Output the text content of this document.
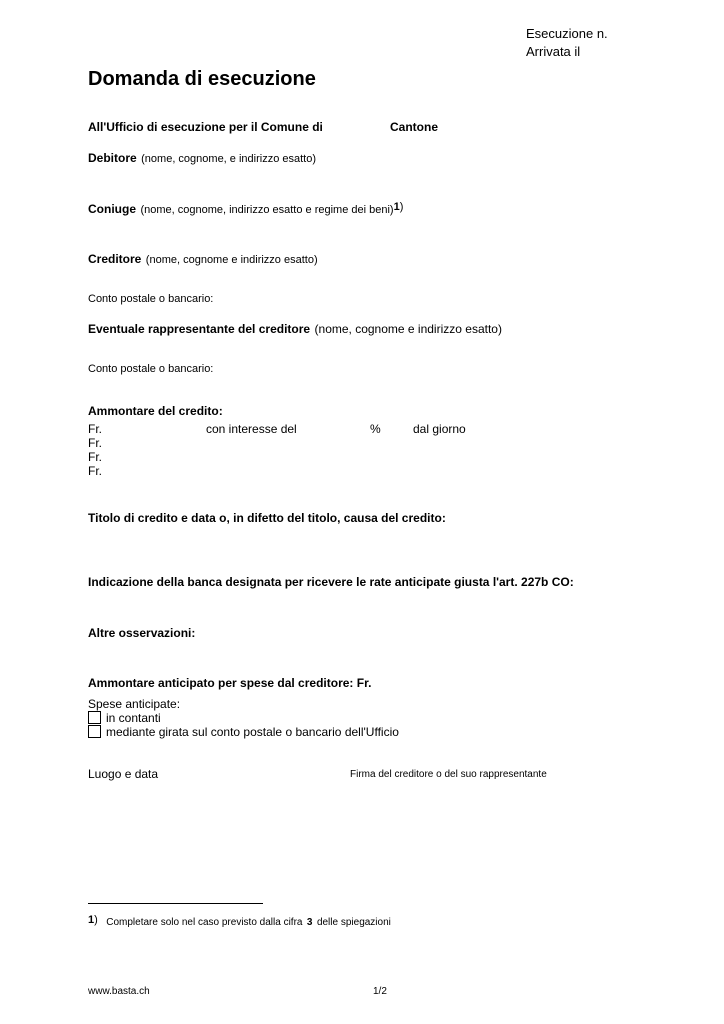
Esecuzione n.
Arrivata il
Domanda di esecuzione
All'Ufficio di esecuzione per il Comune di	Cantone
Debitore (nome, cognome, e indirizzo esatto)
Coniuge (nome, cognome, indirizzo esatto e regime dei beni)1)
Creditore (nome, cognome e indirizzo esatto)
Conto postale o bancario:
Eventuale rappresentante del creditore (nome, cognome e indirizzo esatto)
Conto postale o bancario:
Ammontare del credito:
Fr.	con interesse del	%	dal giorno
Fr.
Fr.
Fr.
Titolo di credito e data o, in difetto del titolo, causa del credito:
Indicazione della banca designata per ricevere le rate anticipate giusta l'art. 227b CO:
Altre osservazioni:
Ammontare anticipato per spese dal creditore: Fr.
Spese anticipate:
in contanti
mediante girata sul conto postale o bancario dell'Ufficio
Luogo e data	Firma del creditore o del suo rappresentante
1) Completare solo nel caso previsto dalla cifra 3 delle spiegazioni
www.basta.ch	1/2
